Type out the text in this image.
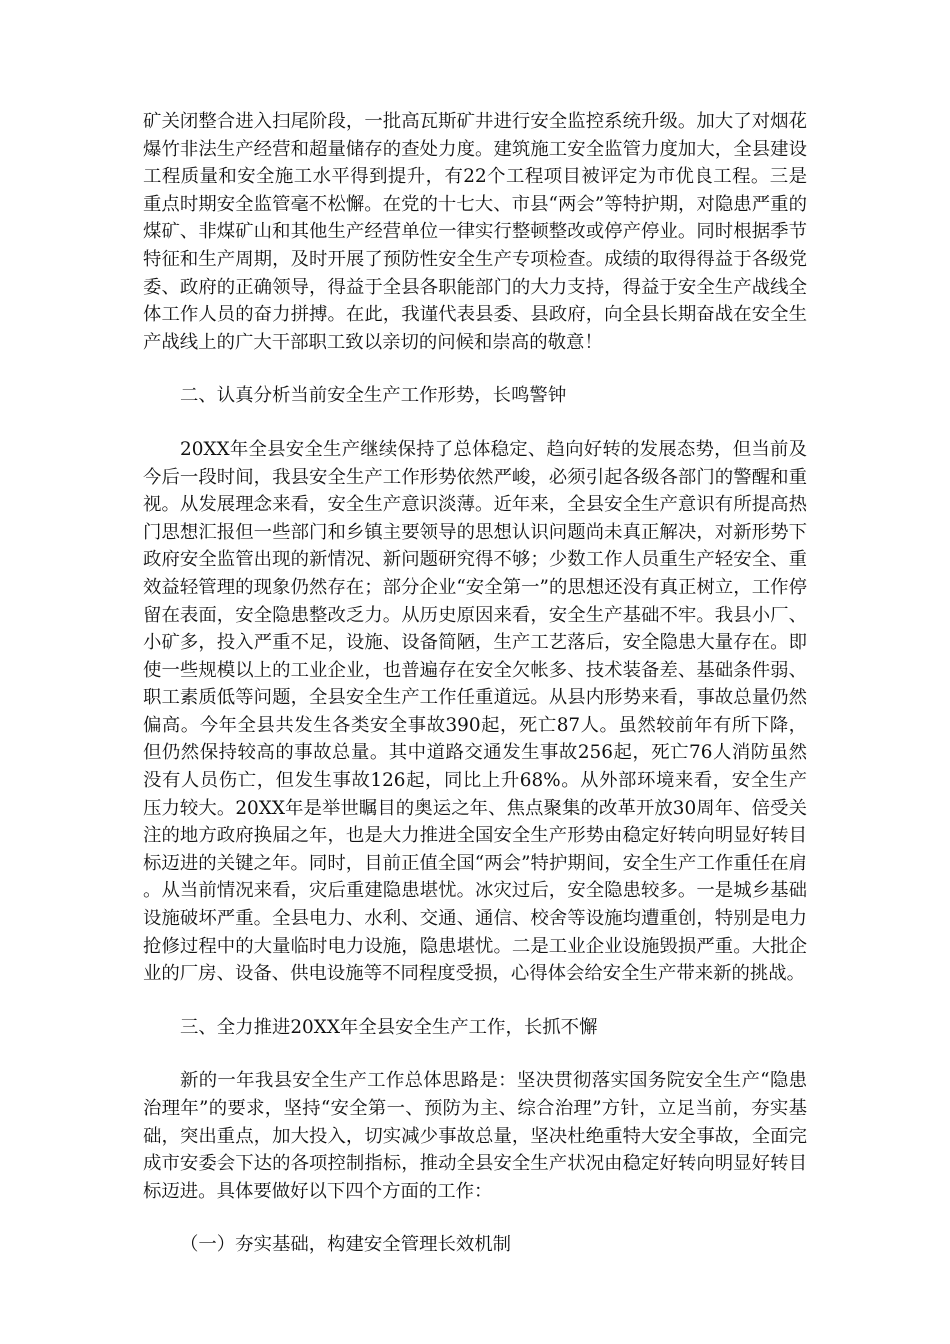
矿关闭整合进入扫尾阶段，一批高瓦斯矿井进行安全监控系统升级。加大了对烟花爆竹非法生产经营和超量储存的查处力度。建筑施工安全监管力度加大，全县建设工程质量和安全施工水平得到提升，有22个工程项目被评定为市优良工程。三是重点时期安全监管毫不松懈。在党的十七大、市县“两会”等特护期，对隐患严重的煤矿、非煤矿山和其他生产经营单位一律实行整顿整改或停产停业。同时根据季节特征和生产周期，及时开展了预防性安全生产专项检查。成绩的取得得益于各级党委、政府的正确领导，得益于全县各职能部门的大力支持，得益于安全生产战线全体工作人员的奋力拼搏。在此，我谨代表县委、县政府，向全县长期奋战在安全生产战线上的广大干部职工致以亲切的问候和崇高的敬意！

二、认真分析当前安全生产工作形势，长鸣警钟

20XX年全县安全生产继续保持了总体稳定、趋向好转的发展态势，但当前及今后一段时间，我县安全生产工作形势依然严峻，必须引起各级各部门的警醒和重视。从发展理念来看，安全生产意识淡薄。近年来，全县安全生产意识有所提高热门思想汇报但一些部门和乡镇主要领导的思想认识问题尚未真正解决，对新形势下政府安全监管出现的新情况、新问题研究得不够；少数工作人员重生产轻安全、重效益轻管理的现象仍然存在；部分企业“安全第一”的思想还没有真正树立，工作停留在表面，安全隐患整改乏力。从历史原因来看，安全生产基础不牢。我县小厂、小矿多，投入严重不足，设施、设备简陋，生产工艺落后，安全隐患大量存在。即使一些规模以上的工业企业，也普遍存在安全欠帐多、技术装备差、基础条件弱、职工素质低等问题，全县安全生产工作任重道远。从县内形势来看，事故总量仍然偏高。今年全县共发生各类安全事故390起，死亡87人。虽然较前年有所下降，但仍然保持较高的事故总量。其中道路交通发生事故256起，死亡76人消防虽然没有人员伤亡，但发生事故126起，同比上升68%。从外部环境来看，安全生产压力较大。20XX年是举世瞩目的奥运之年、焦点聚集的改革开放30周年、倍受关注的地方政府换届之年，也是大力推进全国安全生产形势由稳定好转向明显好转目标迈进的关键之年。同时，目前正值全国“两会”特护期间，安全生产工作重任在肩。从当前情况来看，灾后重建隐患堪忧。冰灾过后，安全隐患较多。一是城乡基础设施破坏严重。全县电力、水利、交通、通信、校舍等设施均遭重创，特别是电力抢修过程中的大量临时电力设施，隐患堪忧。二是工业企业设施毁损严重。大批企业的厂房、设备、供电设施等不同程度受损，心得体会给安全生产带来新的挑战。

三、全力推进20XX年全县安全生产工作，长抓不懈

新的一年我县安全生产工作总体思路是：坚决贯彻落实国务院安全生产“隐患治理年”的要求，坚持“安全第一、预防为主、综合治理”方针，立足当前，夯实基础，突出重点，加大投入，切实减少事故总量，坚决杜绝重特大安全事故，全面完成市安委会下达的各项控制指标，推动全县安全生产状况由稳定好转向明显好转目标迈进。具体要做好以下四个方面的工作：

（一）夯实基础，构建安全管理长效机制
